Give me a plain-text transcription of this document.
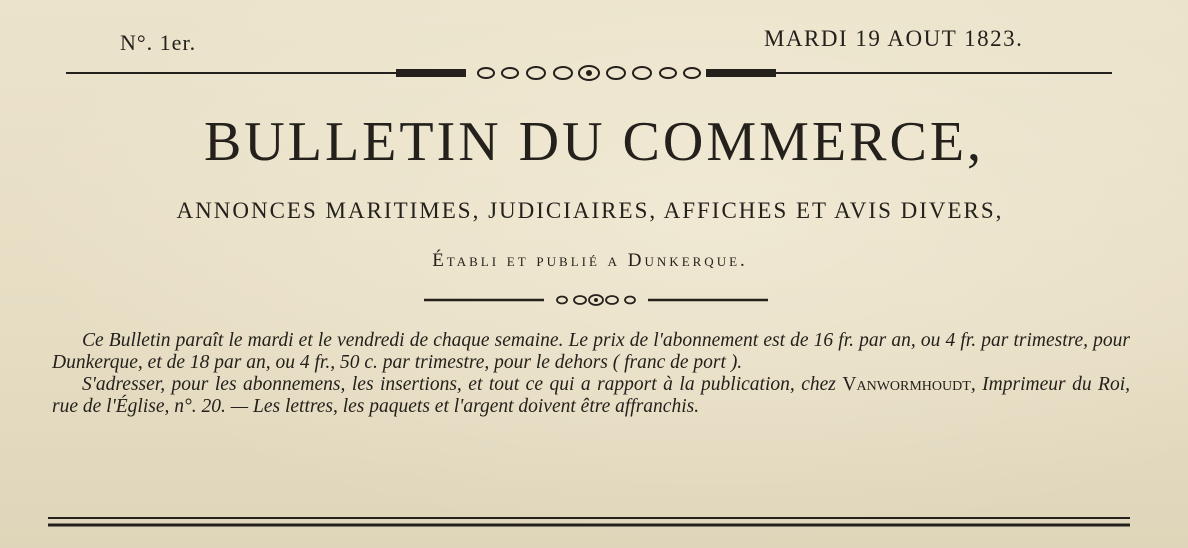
N°. 1er.	MARDI 19 AOUT 1823.
BULLETIN DU COMMERCE,
ANNONCES MARITIMES, JUDICIAIRES, AFFICHES ET AVIS DIVERS,
Établi et publié a Dunkerque.

Ce Bulletin paraît le mardi et le vendredi de chaque semaine. Le prix de l'abonnement est de 16 fr. par an, ou 4 fr. par trimestre, pour Dunkerque, et de 18 par an, ou 4 fr., 50 c. par trimestre, pour le dehors ( franc de port ).

S'adresser, pour les abonnemens, les insertions, et tout ce qui a rapport à la publication, chez Vanwormhoudt, Imprimeur du Roi, rue de l'Église, n°. 20. — Les lettres, les paquets et l'argent doivent être affranchis.
